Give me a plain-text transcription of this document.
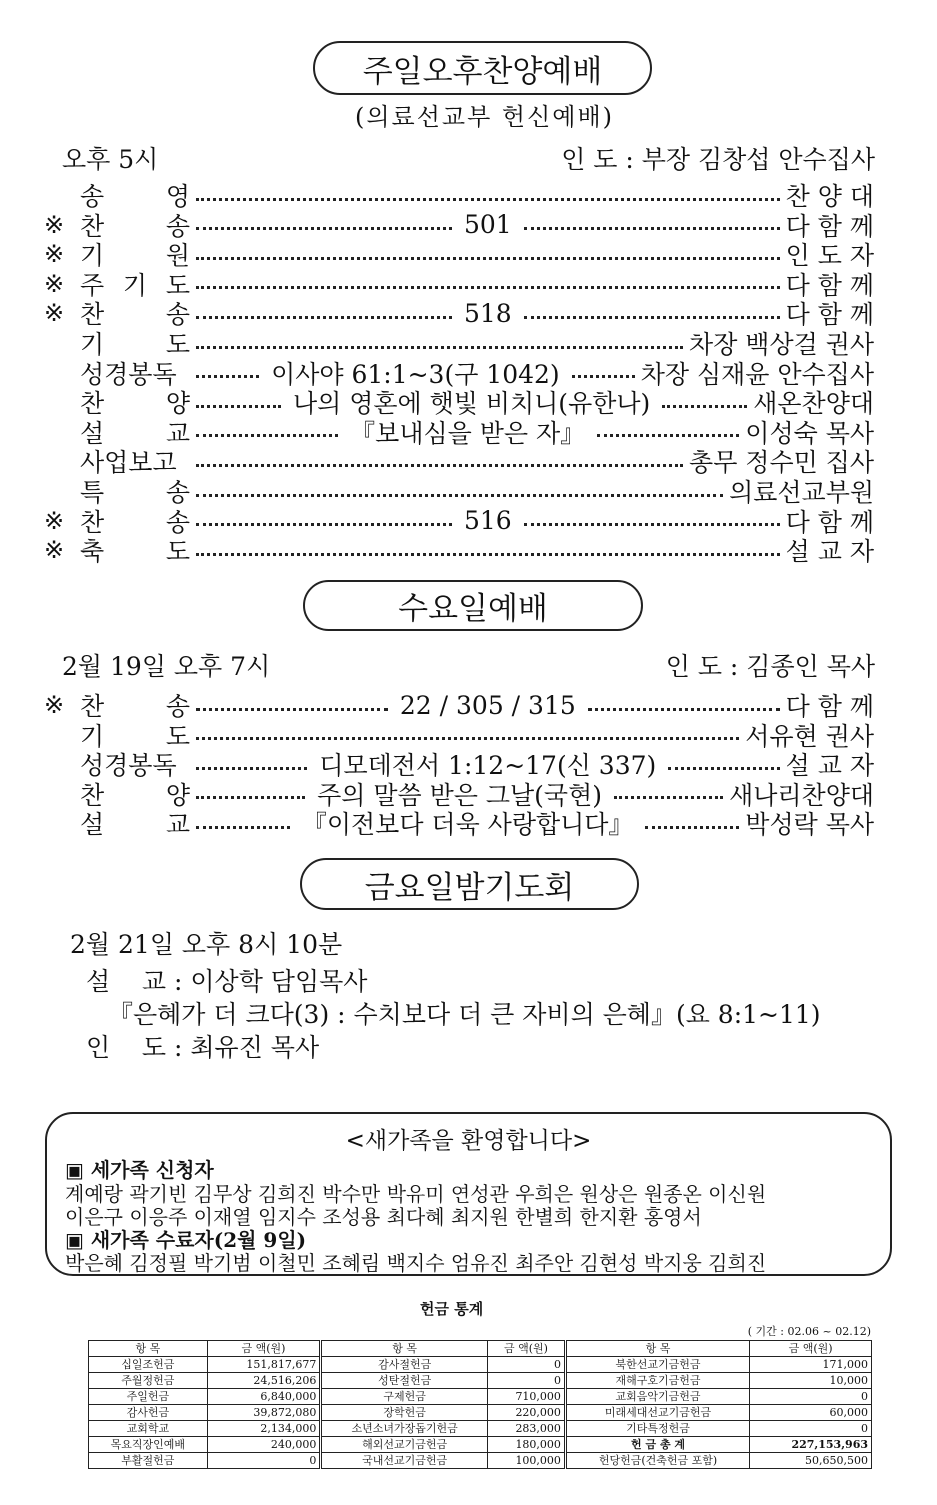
주일오후찬양예배
(의료선교부 헌신예배)
오후 5시	인 도 : 부장 김창섭 안수집사
송 영	찬 양 대
※ 찬 송	501	다 함 께
※ 기 원	인 도 자
※ 주 기 도	다 함 께
※ 찬 송	518	다 함 께
기 도	차장 백상걸 권사
성경봉독	이사야 61:1~3(구 1042)	차장 심재윤 안수집사
찬 양	나의 영혼에 햇빛 비치니(유한나)	새온찬양대
설 교	『보내심을 받은 자』	이성숙 목사
사업보고	총무 정수민 집사
특 송	의료선교부원
※ 찬 송	516	다 함 께
※ 축 도	설 교 자
수요일예배
2월 19일 오후 7시	인 도 : 김종인 목사
※ 찬 송	22 / 305 / 315	다 함 께
기 도	서유현 권사
성경봉독	디모데전서 1:12~17(신 337)	설 교 자
찬 양	주의 말씀 받은 그날(국현)	새나리찬양대
설 교	『이전보다 더욱 사랑합니다』	박성락 목사
금요일밤기도회
2월 21일 오후 8시 10분
설    교 : 이상학 담임목사
『은혜가 더 크다(3) : 수치보다 더 큰 자비의 은혜』(요 8:1~11)
인    도 : 최유진 목사
<새가족을 환영합니다>
▣ 세가족 신청자
계예랑 곽기빈 김무상 김희진 박수만 박유미 연성관 우희은 원상은 원종온 이신원
이은구 이응주 이재열 임지수 조성용 최다혜 최지원 한별희 한지환 홍영서
▣ 새가족 수료자(2월 9일)
박은혜 김정필 박기범 이철민 조혜림 백지수 엄유진 최주안 김현성 박지웅 김희진
헌금 통계
( 기간 : 02.06 ~ 02.12)
항 목	금 액(원)	항 목	금 액(원)	항 목	금 액(원)
십일조헌금	151,817,677	감사절헌금	0	북한선교기금헌금	171,000
주월정헌금	24,516,206	성탄절헌금	0	재해구호기금헌금	10,000
주일헌금	6,840,000	구제헌금	710,000	교회음악기금헌금	0
감사헌금	39,872,080	장학헌금	220,000	미래세대선교기금헌금	60,000
교회학교	2,134,000	소년소녀가장돕기헌금	283,000	기타특정헌금	0
목요직장인예배	240,000	해외선교기금헌금	180,000	헌 금 총 계	227,153,963
부활절헌금	0	국내선교기금헌금	100,000	헌당헌금(건축헌금 포함)	50,650,500
